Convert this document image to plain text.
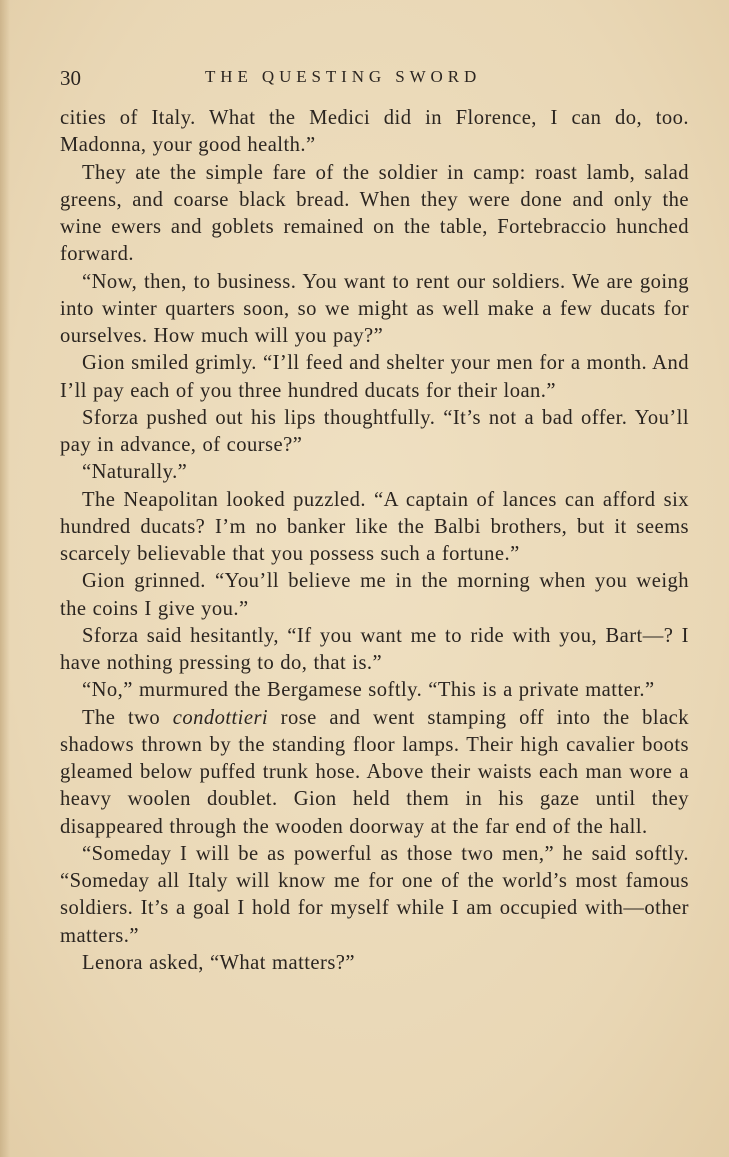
30	THE QUESTING SWORD

cities of Italy. What the Medici did in Florence, I can do, too. Madonna, your good health.”

They ate the simple fare of the soldier in camp: roast lamb, salad greens, and coarse black bread. When they were done and only the wine ewers and goblets remained on the table, Fortebraccio hunched forward.

“Now, then, to business. You want to rent our soldiers. We are going into winter quarters soon, so we might as well make a few ducats for ourselves. How much will you pay?”

Gion smiled grimly. “I’ll feed and shelter your men for a month. And I’ll pay each of you three hundred ducats for their loan.”

Sforza pushed out his lips thoughtfully. “It’s not a bad offer. You’ll pay in advance, of course?”

“Naturally.”

The Neapolitan looked puzzled. “A captain of lances can afford six hundred ducats? I’m no banker like the Balbi brothers, but it seems scarcely believable that you possess such a fortune.”

Gion grinned. “You’ll believe me in the morning when you weigh the coins I give you.”

Sforza said hesitantly, “If you want me to ride with you, Bart—? I have nothing pressing to do, that is.”

“No,” murmured the Bergamese softly. “This is a private matter.”

The two condottieri rose and went stamping off into the black shadows thrown by the standing floor lamps. Their high cavalier boots gleamed below puffed trunk hose. Above their waists each man wore a heavy woolen doublet. Gion held them in his gaze until they disappeared through the wooden doorway at the far end of the hall.

“Someday I will be as powerful as those two men,” he said softly. “Someday all Italy will know me for one of the world’s most famous soldiers. It’s a goal I hold for myself while I am occupied with—other matters.”

Lenora asked, “What matters?”
